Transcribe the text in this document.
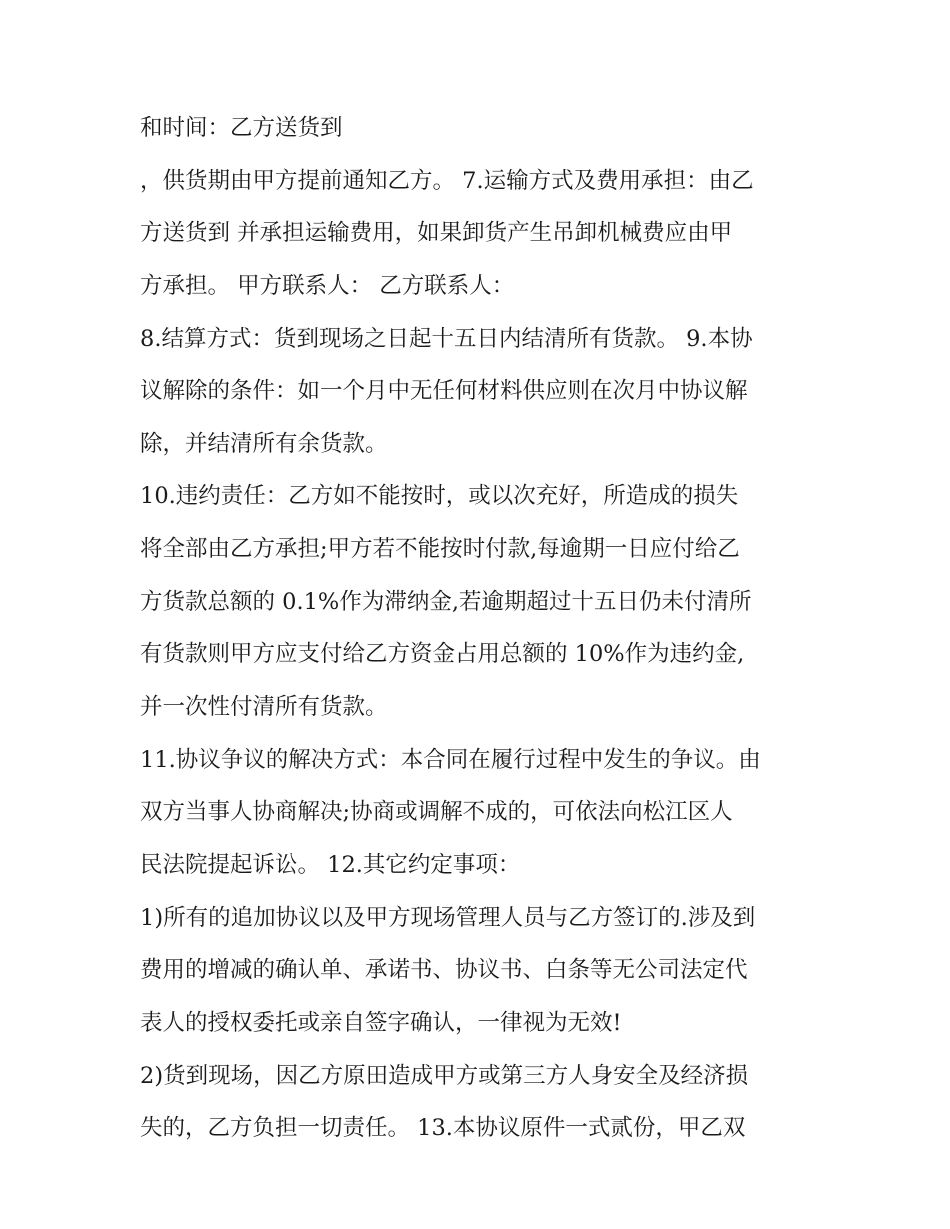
和时间：乙方送货到
，供货期由甲方提前通知乙方。 7.运输方式及费用承担：由乙
方送货到 并承担运输费用，如果卸货产生吊卸机械费应由甲
方承担。 甲方联系人： 乙方联系人：
8.结算方式：货到现场之日起十五日内结清所有货款。 9.本协
议解除的条件：如一个月中无任何材料供应则在次月中协议解
除，并结清所有余货款。
10.违约责任：乙方如不能按时，或以次充好，所造成的损失
将全部由乙方承担;甲方若不能按时付款,每逾期一日应付给乙
方货款总额的 0.1%作为滞纳金,若逾期超过十五日仍未付清所
有货款则甲方应支付给乙方资金占用总额的 10%作为违约金,
并一次性付清所有货款。
11.协议争议的解决方式：本合同在履行过程中发生的争议。由
双方当事人协商解决;协商或调解不成的，可依法向松江区人
民法院提起诉讼。 12.其它约定事项：
1)所有的追加协议以及甲方现场管理人员与乙方签订的.涉及到
费用的增减的确认单、承诺书、协议书、白条等无公司法定代
表人的授权委托或亲自签字确认，一律视为无效!
2)货到现场，因乙方原田造成甲方或第三方人身安全及经济损
失的，乙方负担一切责任。 13.本协议原件一式贰份，甲乙双
